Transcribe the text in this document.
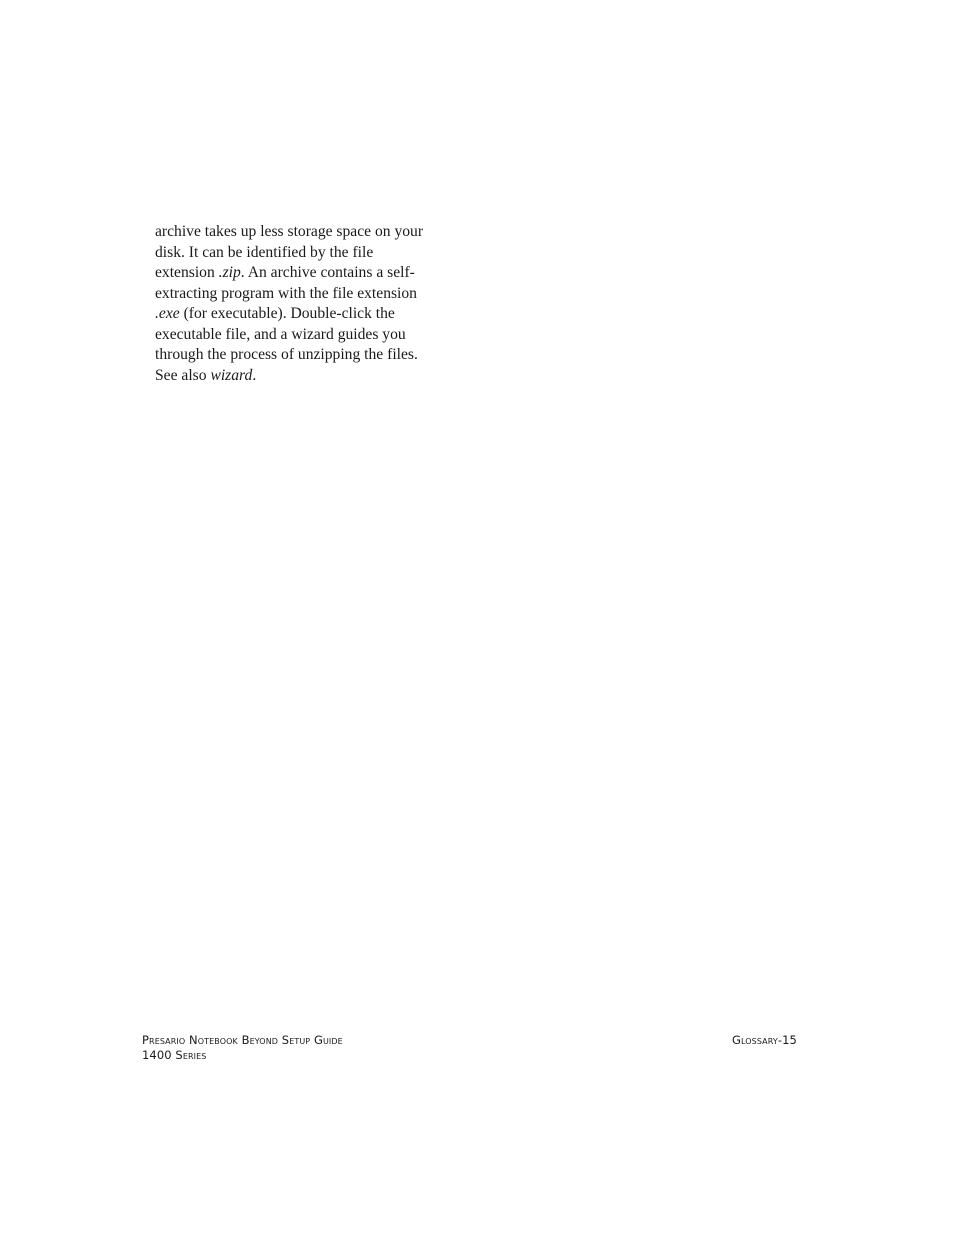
archive takes up less storage space on your
disk. It can be identified by the file
extension .zip. An archive contains a self-
extracting program with the file extension
.exe (for executable). Double-click the
executable file, and a wizard guides you
through the process of unzipping the files.
See also wizard.
Presario Notebook Beyond Setup Guide
1400 Series
Glossary-15
